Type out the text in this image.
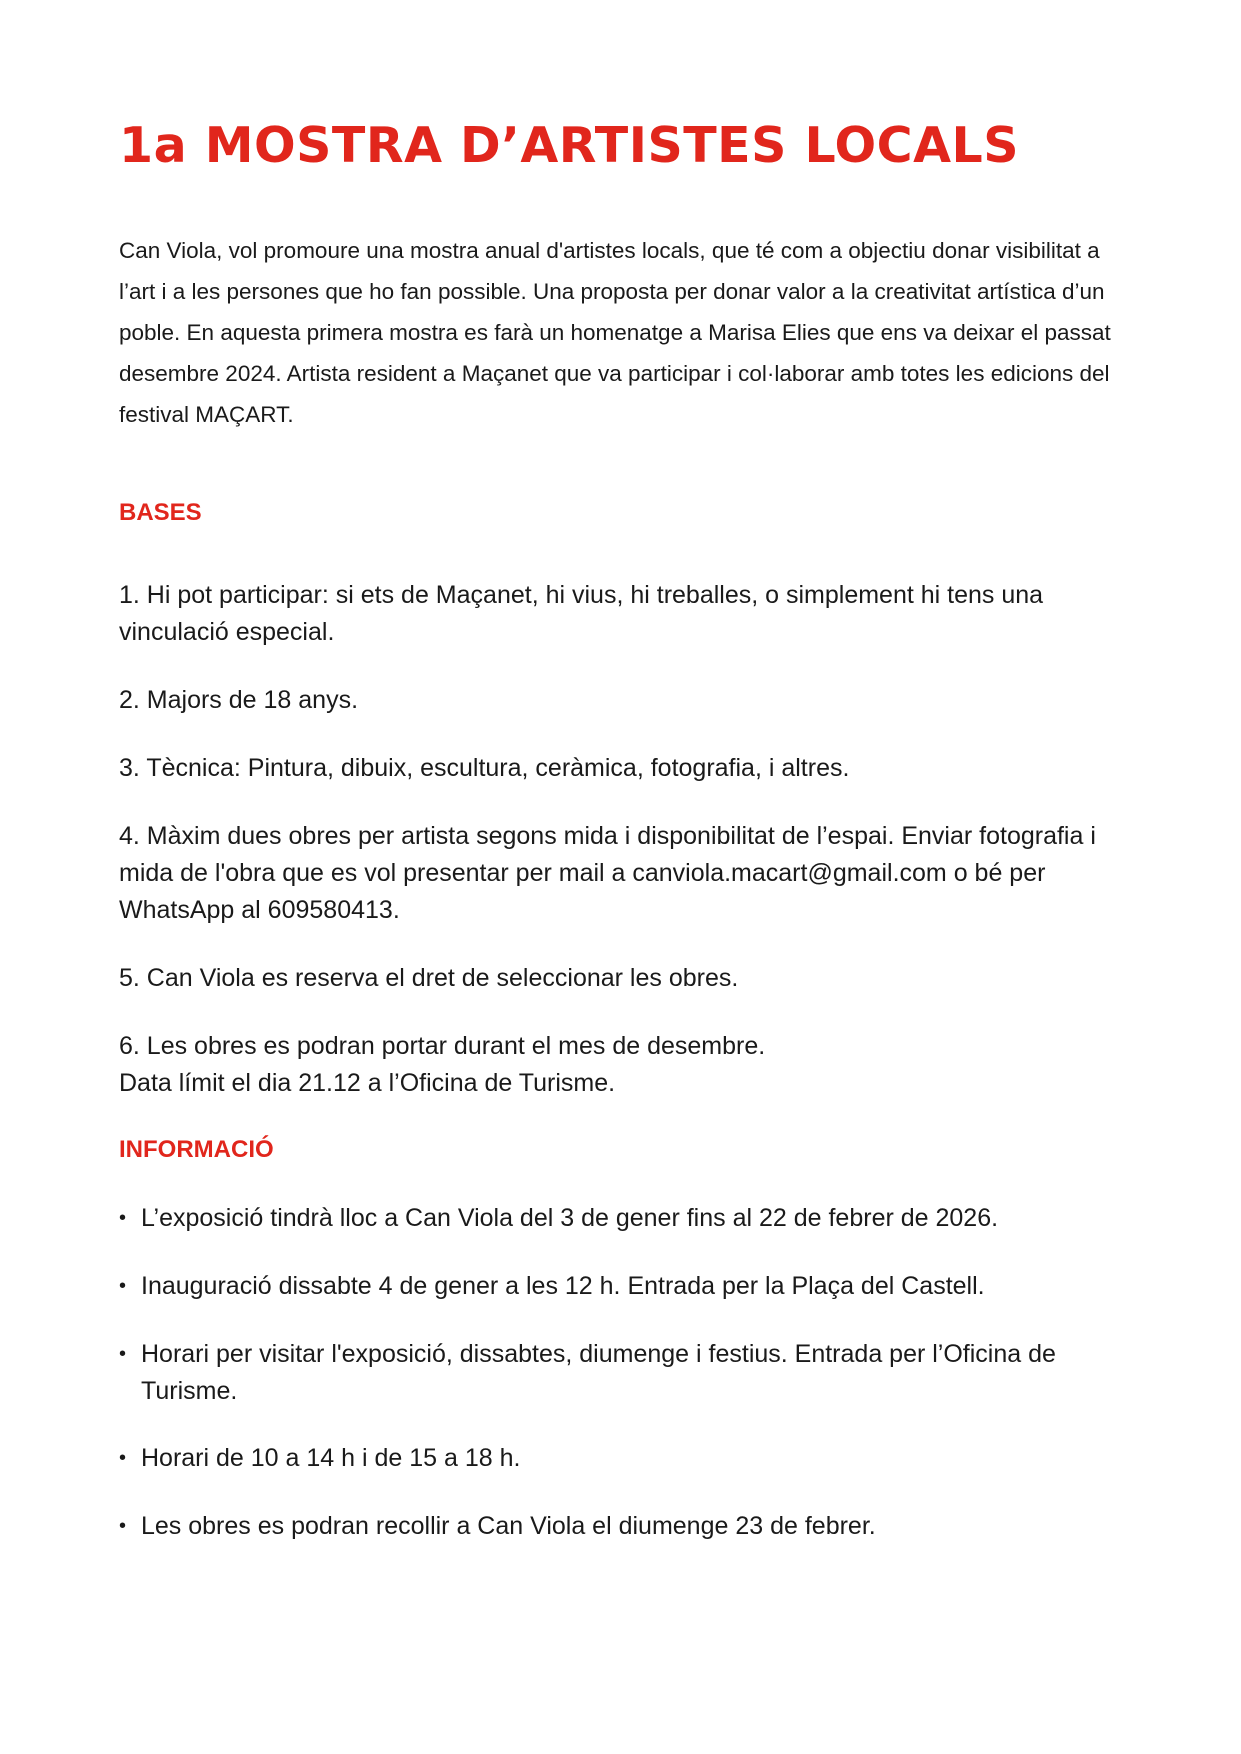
1a MOSTRA D’ARTISTES LOCALS

Can Viola, vol promoure una mostra anual d'artistes locals, que té com a objectiu donar visibilitat a l’art i a les persones que ho fan possible. Una proposta per donar valor a la creativitat artística d’un poble. En aquesta primera mostra es farà un homenatge a Marisa Elies que ens va deixar el passat desembre 2024. Artista resident a Maçanet que va participar i col·laborar amb totes les edicions del festival MAÇART.

BASES

1. Hi pot participar: si ets de Maçanet, hi vius, hi treballes, o simplement hi tens una vinculació especial.

2. Majors de 18 anys.

3. Tècnica: Pintura, dibuix, escultura, ceràmica, fotografia, i altres.

4. Màxim dues obres per artista segons mida i disponibilitat de l’espai. Enviar fotografia i mida de l'obra que es vol presentar per mail a canviola.macart@gmail.com o bé per WhatsApp al 609580413.

5. Can Viola es reserva el dret de seleccionar les obres.

6. Les obres es podran portar durant el mes de desembre.
Data límit el dia 21.12 a l’Oficina de Turisme.

INFORMACIÓ
• L’exposició tindrà lloc a Can Viola del 3 de gener fins al 22 de febrer de 2026.
• Inauguració dissabte 4 de gener a les 12 h. Entrada per la Plaça del Castell.
• Horari per visitar l'exposició, dissabtes, diumenge i festius. Entrada per l’Oficina de Turisme.
• Horari de 10 a 14 h i de 15 a 18 h.
• Les obres es podran recollir a Can Viola el diumenge 23 de febrer.
